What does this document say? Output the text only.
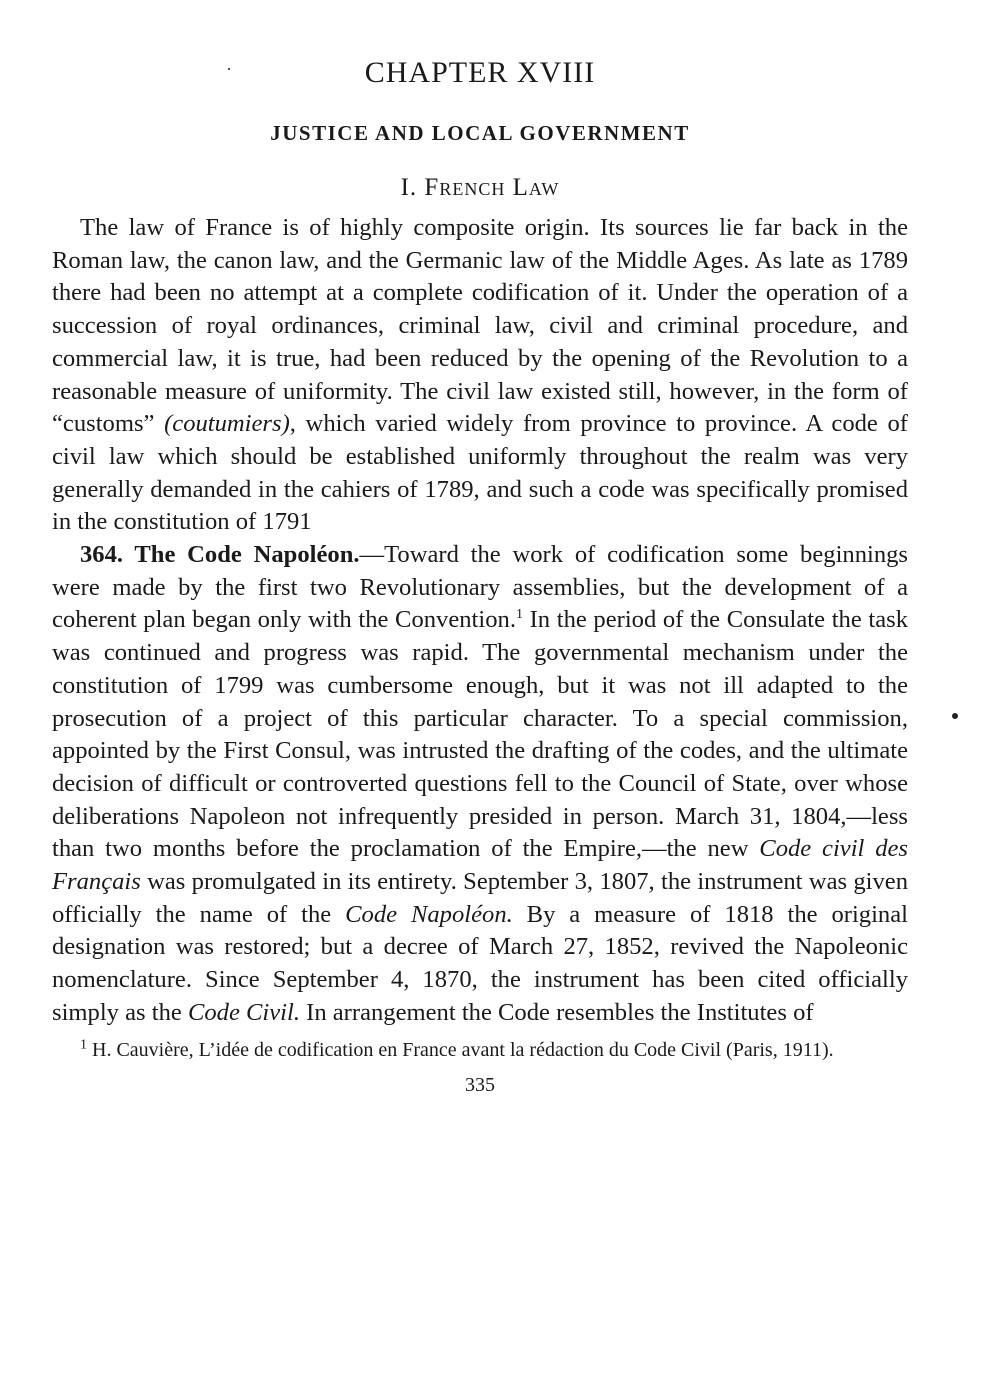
CHAPTER XVIII
JUSTICE AND LOCAL GOVERNMENT
I. French Law

The law of France is of highly composite origin. Its sources lie far back in the Roman law, the canon law, and the Germanic law of the Middle Ages. As late as 1789 there had been no attempt at a complete codification of it. Under the operation of a succession of royal ordinances, criminal law, civil and criminal procedure, and commercial law, it is true, had been reduced by the opening of the Revolution to a reasonable measure of uniformity. The civil law existed still, however, in the form of “customs” (coutumiers), which varied widely from province to province. A code of civil law which should be established uniformly throughout the realm was very generally demanded in the cahiers of 1789, and such a code was specifically promised in the constitution of 1791

364. The Code Napoléon.—Toward the work of codification some beginnings were made by the first two Revolutionary assemblies, but the development of a coherent plan began only with the Convention.$^1$ In the period of the Consulate the task was continued and progress was rapid. The governmental mechanism under the constitution of 1799 was cumbersome enough, but it was not ill adapted to the prosecution of a project of this particular character. To a special commission, appointed by the First Consul, was intrusted the drafting of the codes, and the ultimate decision of difficult or controverted questions fell to the Council of State, over whose deliberations Napoleon not infrequently presided in person. March 31, 1804,—less than two months before the proclamation of the Empire,—the new Code civil des Français was promulgated in its entirety. September 3, 1807, the instrument was given officially the name of the Code Napoléon. By a measure of 1818 the original designation was restored; but a decree of March 27, 1852, revived the Napoleonic nomenclature. Since September 4, 1870, the instrument has been cited officially simply as the Code Civil. In arrangement the Code resembles the Institutes of

$^1$ H. Cauvière, L’idée de codification en France avant la rédaction du Code Civil (Paris, 1911).

335
